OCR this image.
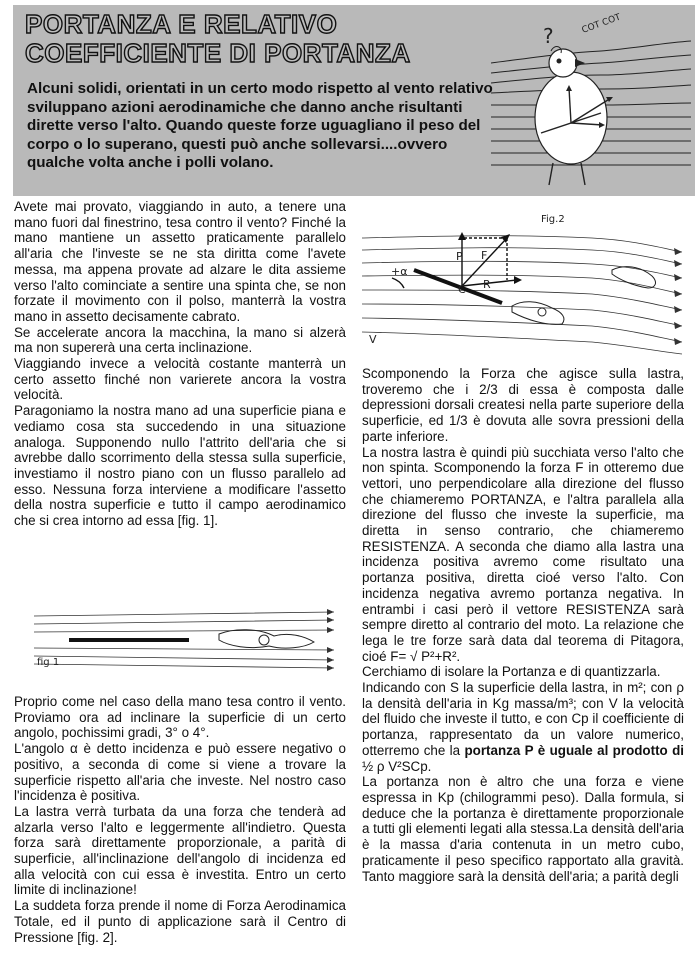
PORTANZA E RELATIVO
COEFFICIENTE DI PORTANZA

Alcuni solidi, orientati in un certo modo rispetto al vento relativo sviluppano azioni aerodinamiche che danno anche risultanti dirette verso l'alto. Quando queste forze uguagliano il peso del corpo o lo superano, questi può anche sollevarsi....ovvero qualche volta anche i polli volano.

?	COT COT

Avete mai provato, viaggiando in auto, a tenere una mano fuori dal finestrino, tesa contro il vento? Finché la mano mantiene un assetto praticamente parallelo all'aria che l'investe se ne sta diritta come l'avete messa, ma appena provate ad alzare le dita assieme verso l'alto cominciate a sentire una spinta che, se non forzate il movimento con il polso, manterrà la vostra mano in assetto decisamente cabrato.

Se accelerate ancora la macchina, la mano si alzerà ma non supererà una certa inclinazione.

Viaggiando invece a velocità costante manterrà un certo assetto finché non varierete ancora la vostra velocità.

Paragoniamo la nostra mano ad una superficie piana e vediamo cosa sta succedendo in una situazione analoga. Supponendo nullo l'attrito dell'aria che si avrebbe dallo scorrimento della stessa sulla superficie, investiamo il nostro piano con un flusso parallelo ad esso. Nessuna forza interviene a modificare l'assetto della nostra superficie e tutto il campo aerodinamico che si crea intorno ad essa [fig. 1].

fig 1

Proprio come nel caso della mano tesa contro il vento. Proviamo ora ad inclinare la superficie di un certo angolo, pochissimi gradi, 3° o 4°.

L'angolo α è detto incidenza e può essere negativo o positivo, a seconda di come si viene a trovare la superficie rispetto all'aria che investe. Nel nostro caso l'incidenza è positiva.

La lastra verrà turbata da una forza che tenderà ad alzarla verso l'alto e leggermente all'indietro. Questa forza sarà direttamente proporzionale, a parità di superficie, all'inclinazione dell'angolo di incidenza ed alla velocità con cui essa è investita. Entro un certo limite di inclinazione!

La suddeta forza prende il nome di Forza Aerodinamica Totale, ed il punto di applicazione sarà il Centro di Pressione [fig. 2].

Fig.2
P F
+α
C R
V

Scomponendo la Forza che agisce sulla lastra, troveremo che i 2/3 di essa è composta dalle depressioni dorsali createsi nella parte superiore della superficie, ed 1/3 è dovuta alle sovra pressioni della parte inferiore.

La nostra lastra è quindi più succhiata verso l'alto che non spinta. Scomponendo la forza F in otteremo due vettori, uno perpendicolare alla direzione del flusso che chiameremo PORTANZA, e l'altra parallela alla direzione del flusso che investe la superficie, ma diretta in senso contrario, che chiameremo RESISTENZA. A seconda che diamo alla lastra una incidenza positiva avremo come risultato una portanza positiva, diretta cioé verso l'alto. Con incidenza negativa avremo portanza negativa. In entrambi i casi però il vettore RESISTENZA sarà sempre diretto al contrario del moto. La relazione che lega le tre forze sarà data dal teorema di Pitagora, cioé F= √ P²+R².

Cerchiamo di isolare la Portanza e di quantizzarla.

Indicando con S la superficie della lastra, in m²; con ρ la densità dell'aria in Kg massa/m³; con V la velocità del fluido che investe il tutto, e con Cp il coefficiente di portanza, rappresentato da un valore numerico, otterremo che la portanza P è uguale al prodotto di ½ ρ V²SCp.

La portanza non è altro che una forza e viene espressa in Kp (chilogrammi peso). Dalla formula, si deduce che la portanza è direttamente proporzionale a tutti gli elementi legati alla stessa.La densità dell'aria è la massa d'aria contenuta in un metro cubo, praticamente il peso specifico rapportato alla gravità. Tanto maggiore sarà la densità dell'aria; a parità degli
